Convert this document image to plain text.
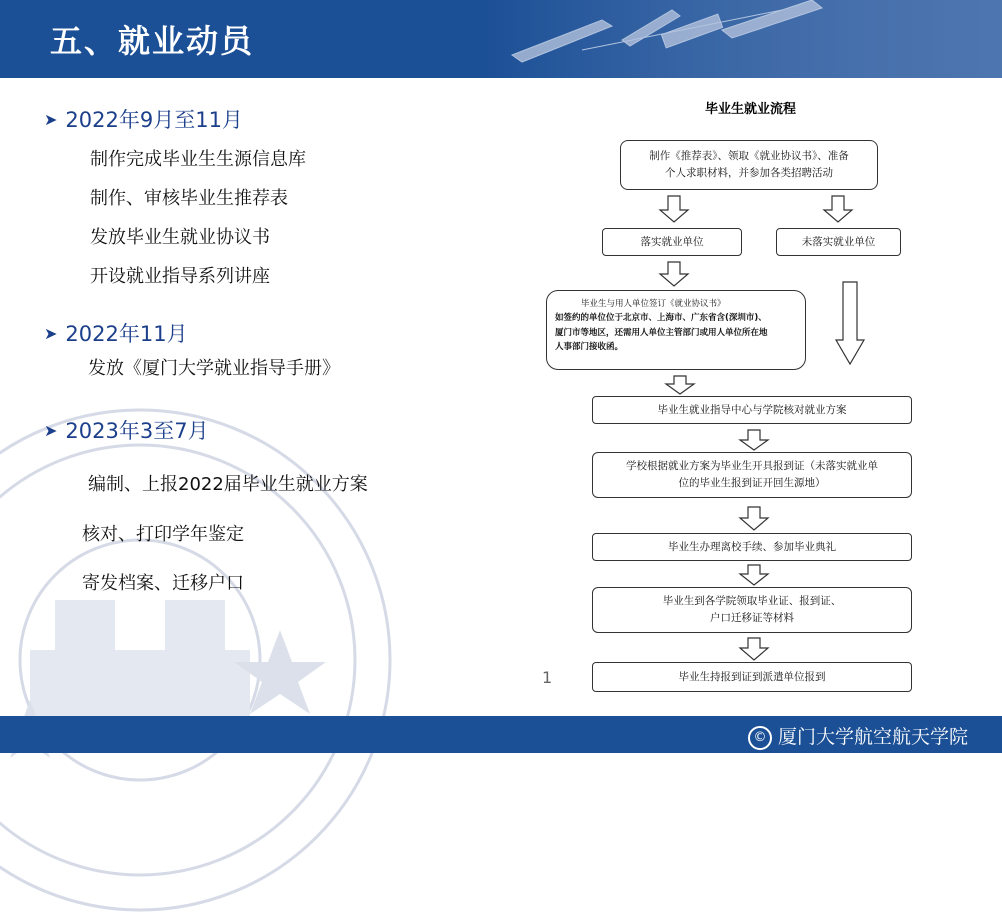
五、就业动员
➤ 2022年9月至11月
制作完成毕业生生源信息库
制作、审核毕业生推荐表
发放毕业生就业协议书
开设就业指导系列讲座
➤ 2022年11月
发放《厦门大学就业指导手册》
➤ 2023年3至7月
编制、上报2022届毕业生就业方案
核对、打印学年鉴定
寄发档案、迁移户口
毕业生就业流程
制作《推荐表》、领取《就业协议书》、准备
个人求职材料，并参加各类招聘活动
落实就业单位	未落实就业单位
毕业生与用人单位签订《就业协议书》
如签约的单位位于北京市、上海市、广东省含(深圳市)、
厦门市等地区，还需用人单位主管部门或用人单位所在地
人事部门接收函。
毕业生就业指导中心与学院核对就业方案
学校根据就业方案为毕业生开具报到证（未落实就业单
位的毕业生报到证开回生源地）
毕业生办理离校手续、参加毕业典礼
毕业生到各学院领取毕业证、报到证、
户口迁移证等材料
毕业生持报到证到派遣单位报到
1
© 厦门大学航空航天学院
